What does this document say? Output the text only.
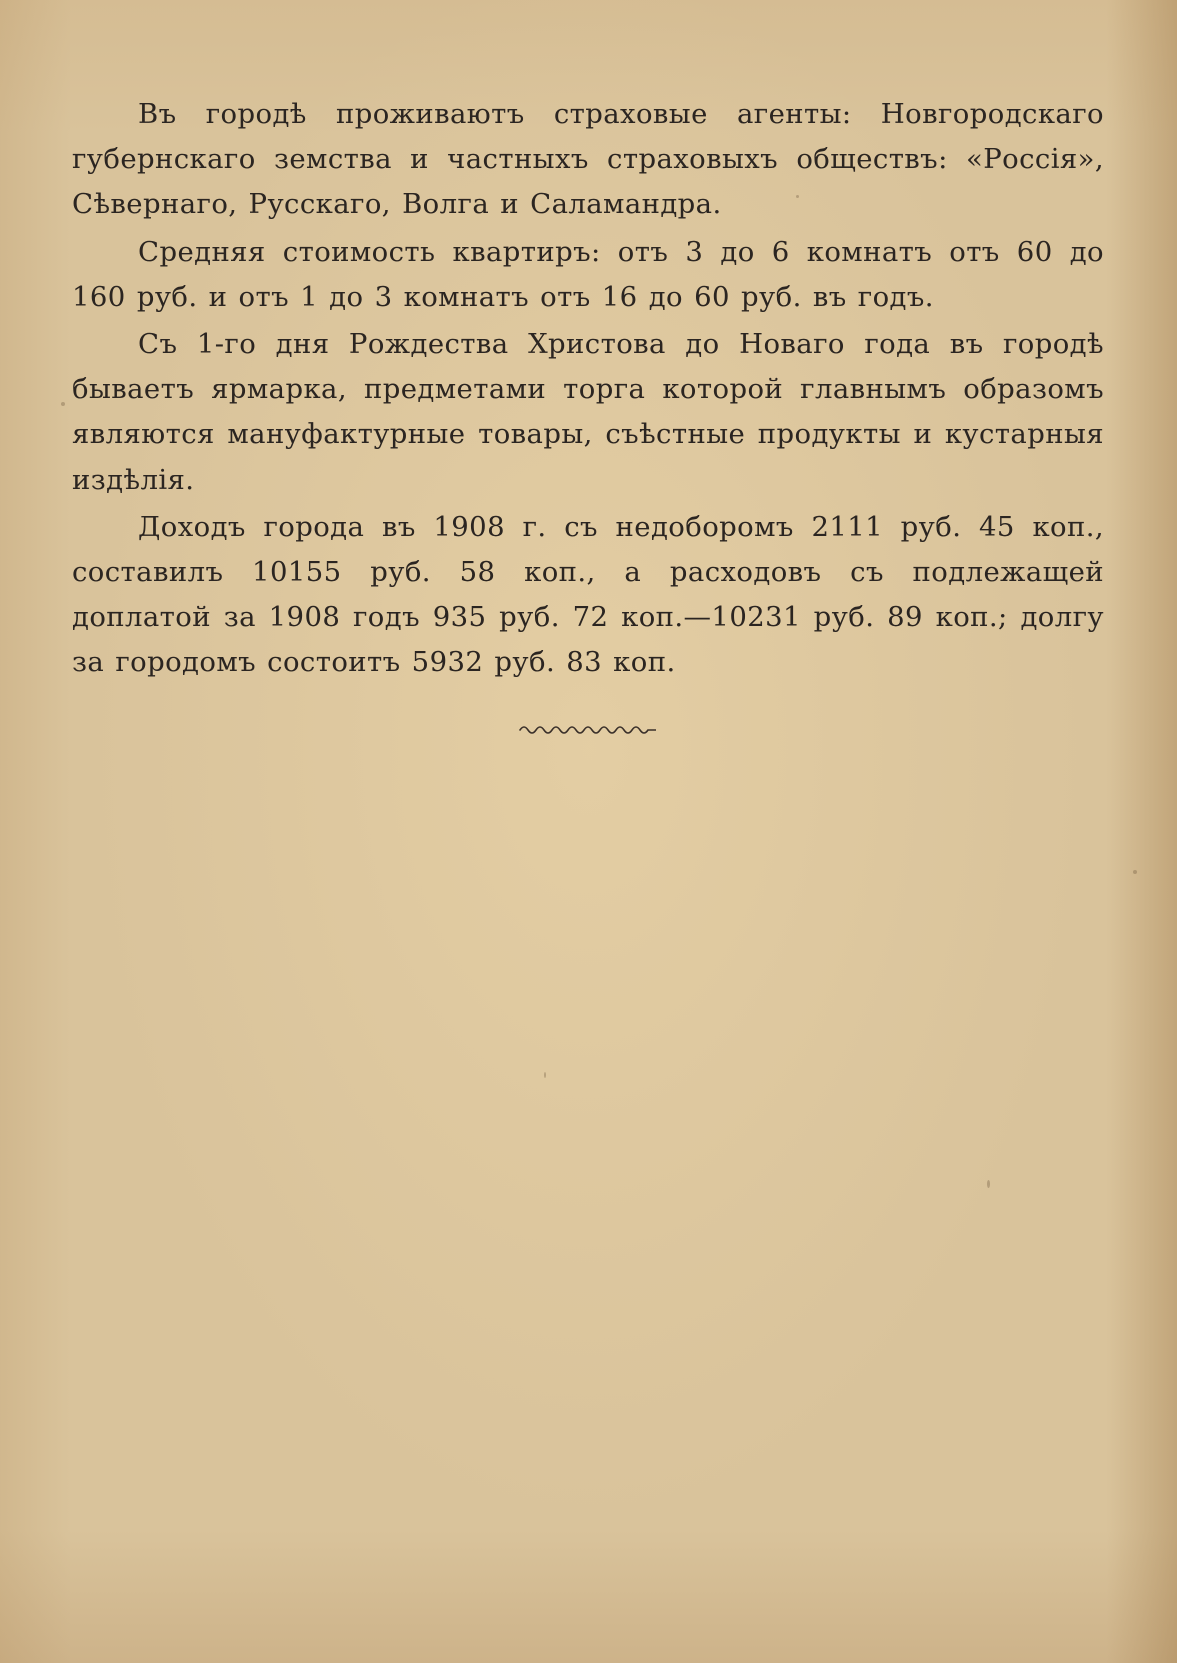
Въ городѣ проживаютъ страховые агенты: Новгородскаго губернскаго земства и частныхъ страховыхъ обществъ: «Россія», Сѣвернаго, Русскаго, Волга и Саламандра.

Средняя стоимость квартиръ: отъ 3 до 6 комнатъ отъ 60 до 160 руб. и отъ 1 до 3 комнатъ отъ 16 до 60 руб. въ годъ.

Съ 1-го дня Рождества Христова до Новаго года въ городѣ бываетъ ярмарка, предметами торга которой главнымъ образомъ являются мануфактурные товары, съѣстные продукты и кустарныя издѣлія.

Доходъ города въ 1908 г. съ недоборомъ 2111 руб. 45 коп., составилъ 10155 руб. 58 коп., а расходовъ съ подлежащей доплатой за 1908 годъ 935 руб. 72 коп.—10231 руб. 89 коп.; долгу за городомъ состоитъ 5932 руб. 83 коп.
